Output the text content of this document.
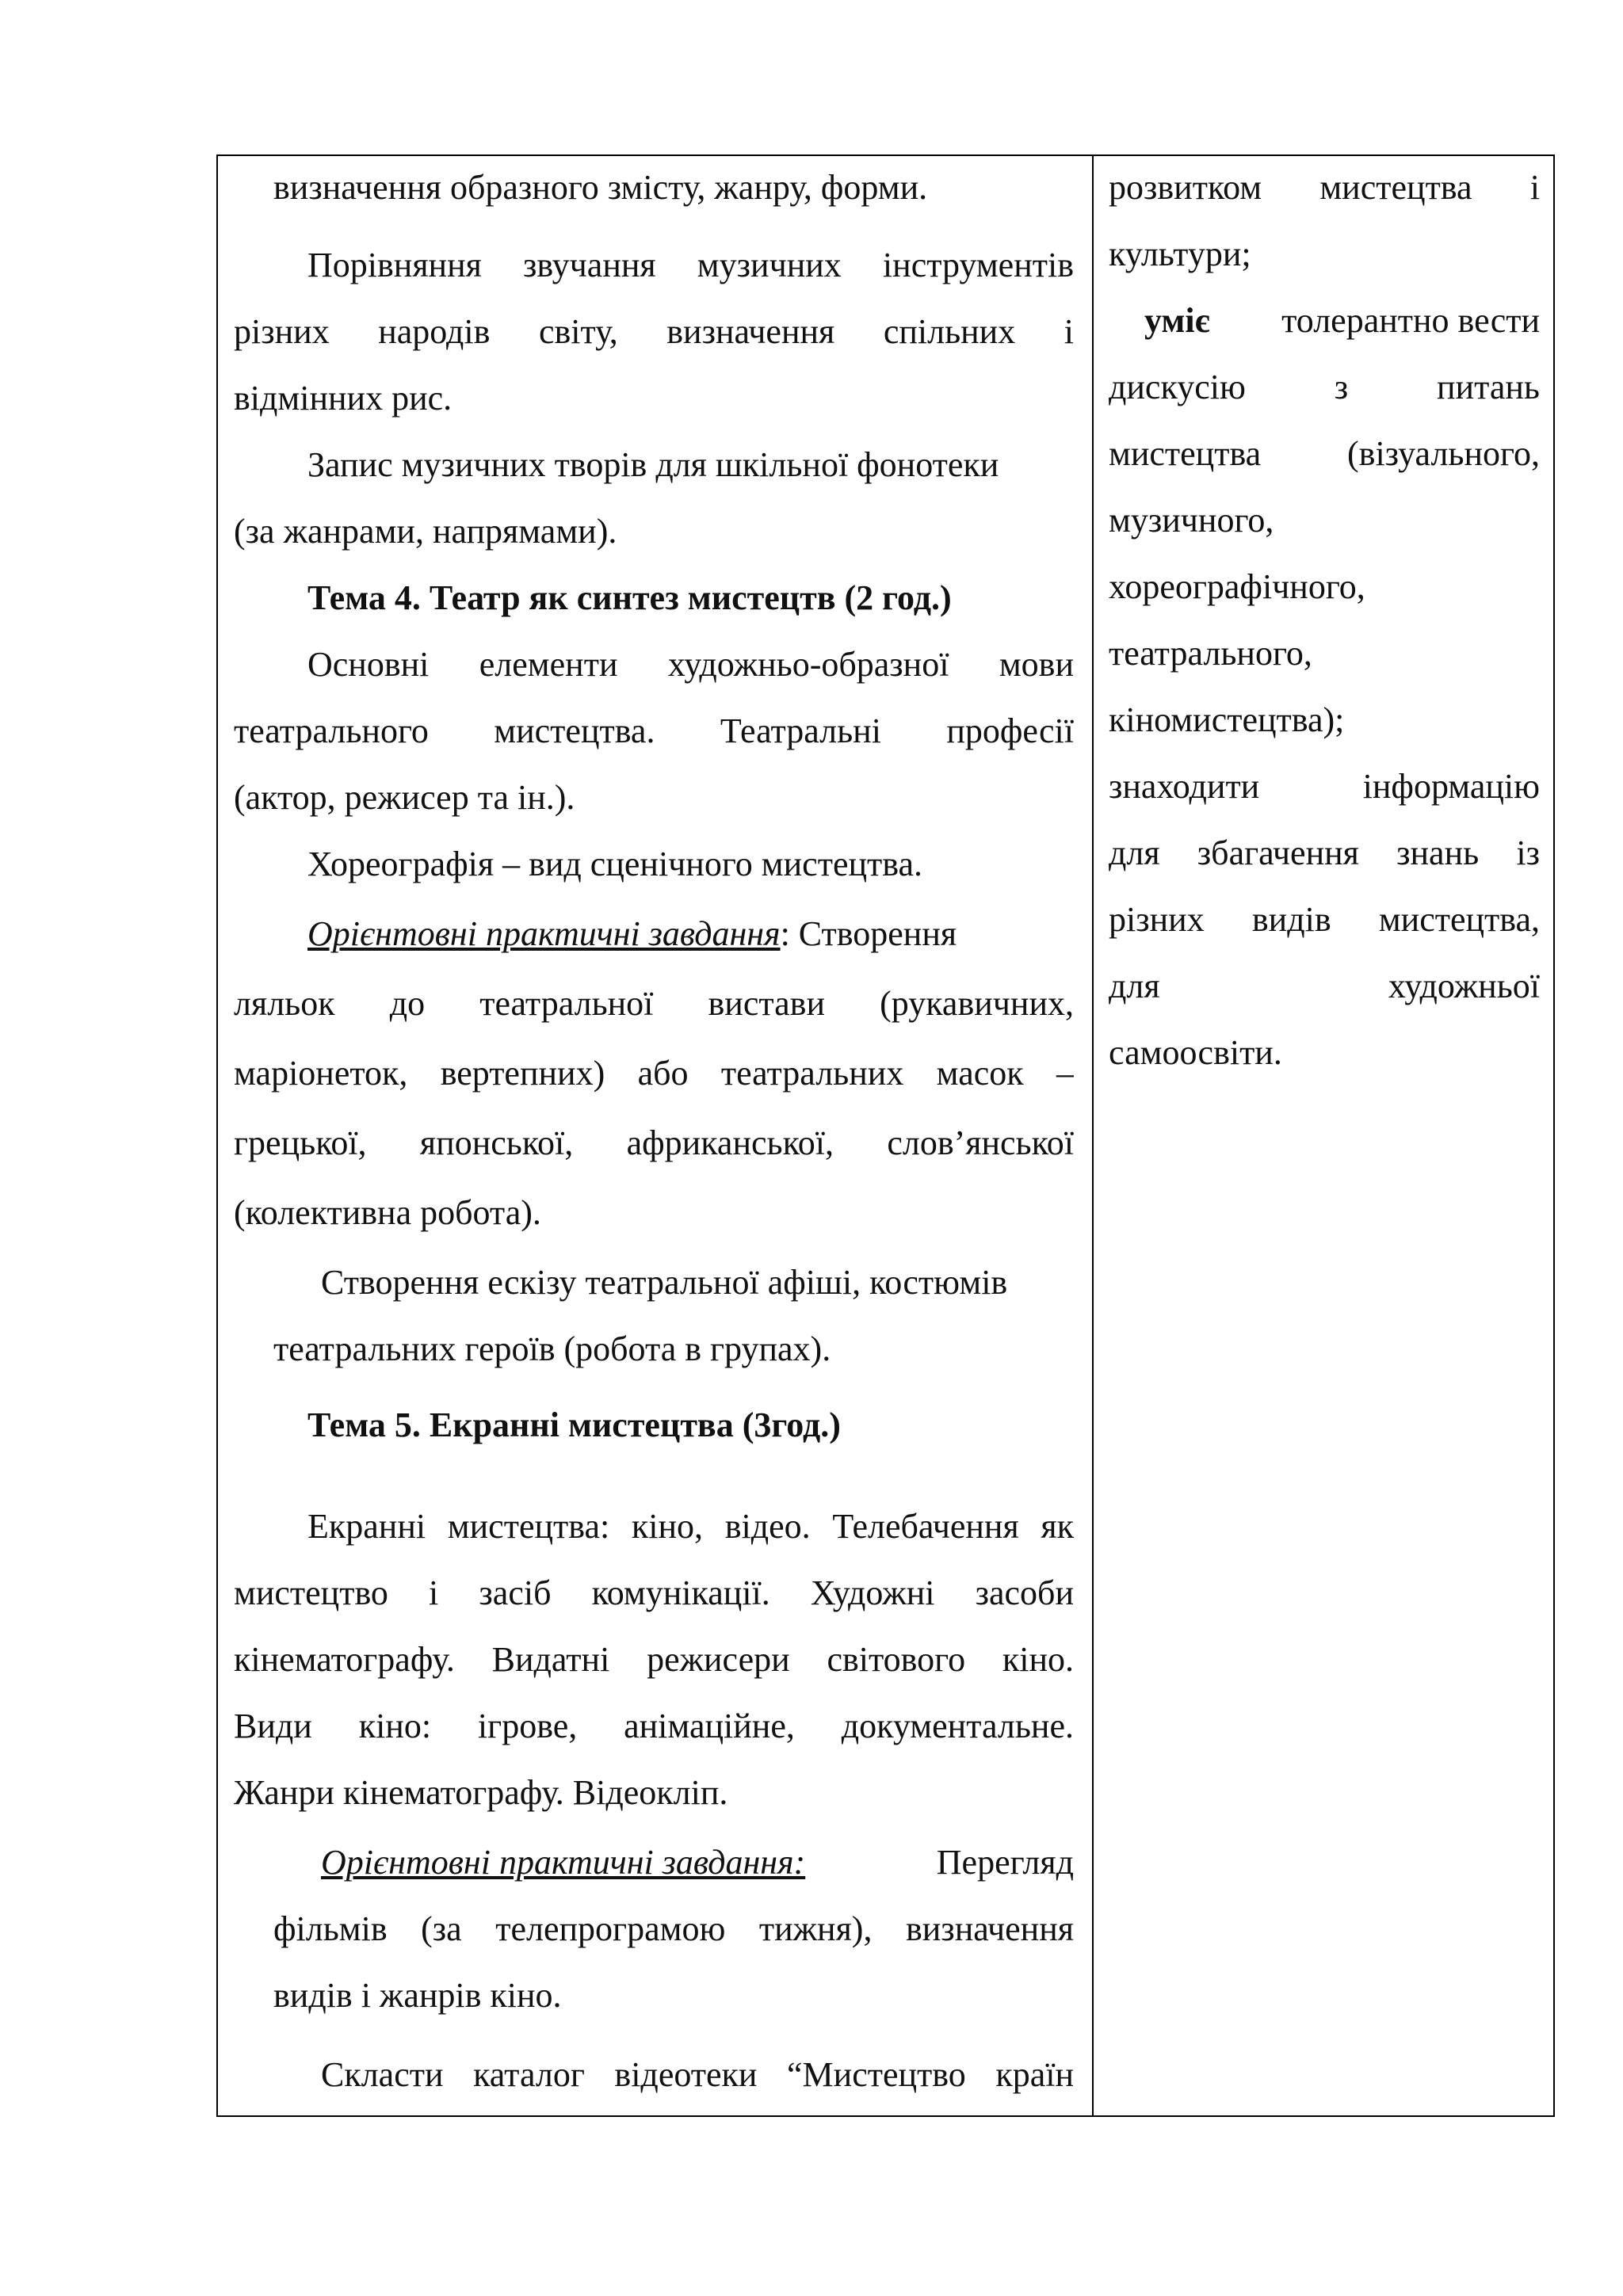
визначення образного змісту, жанру, форми.
Порівняння звучання музичних інструментів
різних народів світу, визначення спільних і
відмінних рис.
Запис музичних творів для шкільної фонотеки
(за жанрами, напрямами).
Тема 4. Театр як синтез мистецтв (2 год.)
Основні елементи художньо-образної мови
театрального мистецтва. Театральні професії
(актор, режисер та ін.).
Хореографія – вид сценічного мистецтва.
Орієнтовні практичні завдання : Створення
ляльок до театральної вистави (рукавичних,
маріонеток, вертепних) або театральних масок –
грецької, японської, африканської, слов’янської
(колективна робота).
Створення ескізу театральної афіші, костюмів
театральних героїв (робота в групах).
Тема 5. Екранні мистецтва (3год.)
Екранні мистецтва: кіно, відео. Телебачення як
мистецтво і засіб комунікації. Художні засоби
кінематографу. Видатні режисери світового кіно.
Види кіно: ігрове, анімаційне, документальне.
Жанри кінематографу. Відеокліп.
Орієнтовні практичні завдання:	Перегляд
фільмів (за телепрограмою тижня), визначення
видів і жанрів кіно.
Скласти каталог відеотеки “Мистецтво країн
розвитком мистецтва і
культури;
уміє толерантно вести
дискусію з питань
мистецтва (візуального,
музичного,
хореографічного,
театрального,
кіномистецтва);
знаходити інформацію
для збагачення знань із
різних видів мистецтва,
для художньої
самоосвіти.
